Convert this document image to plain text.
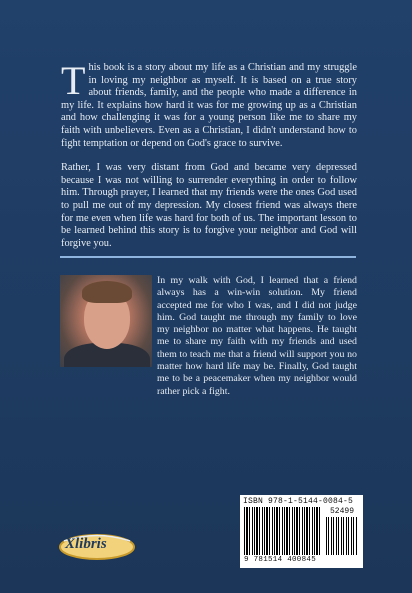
This book is a story about my life as a Christian and my struggle in loving my neighbor as myself. It is based on a true story about friends, family, and the people who made a difference in my life. It explains how hard it was for me growing up as a Christian and how challenging it was for a young person like me to share my faith with unbelievers. Even as a Christian, I didn't understand how to fight temptation or depend on God's grace to survive.

Rather, I was very distant from God and became very depressed because I was not willing to surrender everything in order to follow him. Through prayer, I learned that my friends were the ones God used to pull me out of my depression. My closest friend was always there for me even when life was hard for both of us. The important lesson to be learned behind this story is to forgive your neighbor and God will forgive you.

In my walk with God, I learned that a friend always has a win-win solution. My friend accepted me for who I was, and I did not judge him. God taught me through my family to love my neighbor no matter what happens. He taught me to share my faith with my friends and used them to teach me that a friend will support you no matter how hard life may be. Finally, God taught me to be a peacemaker when my neighbor would rather pick a fight.
ISBN 978-1-5144-0084-5
52499
9 781514 400845
Xlibris
